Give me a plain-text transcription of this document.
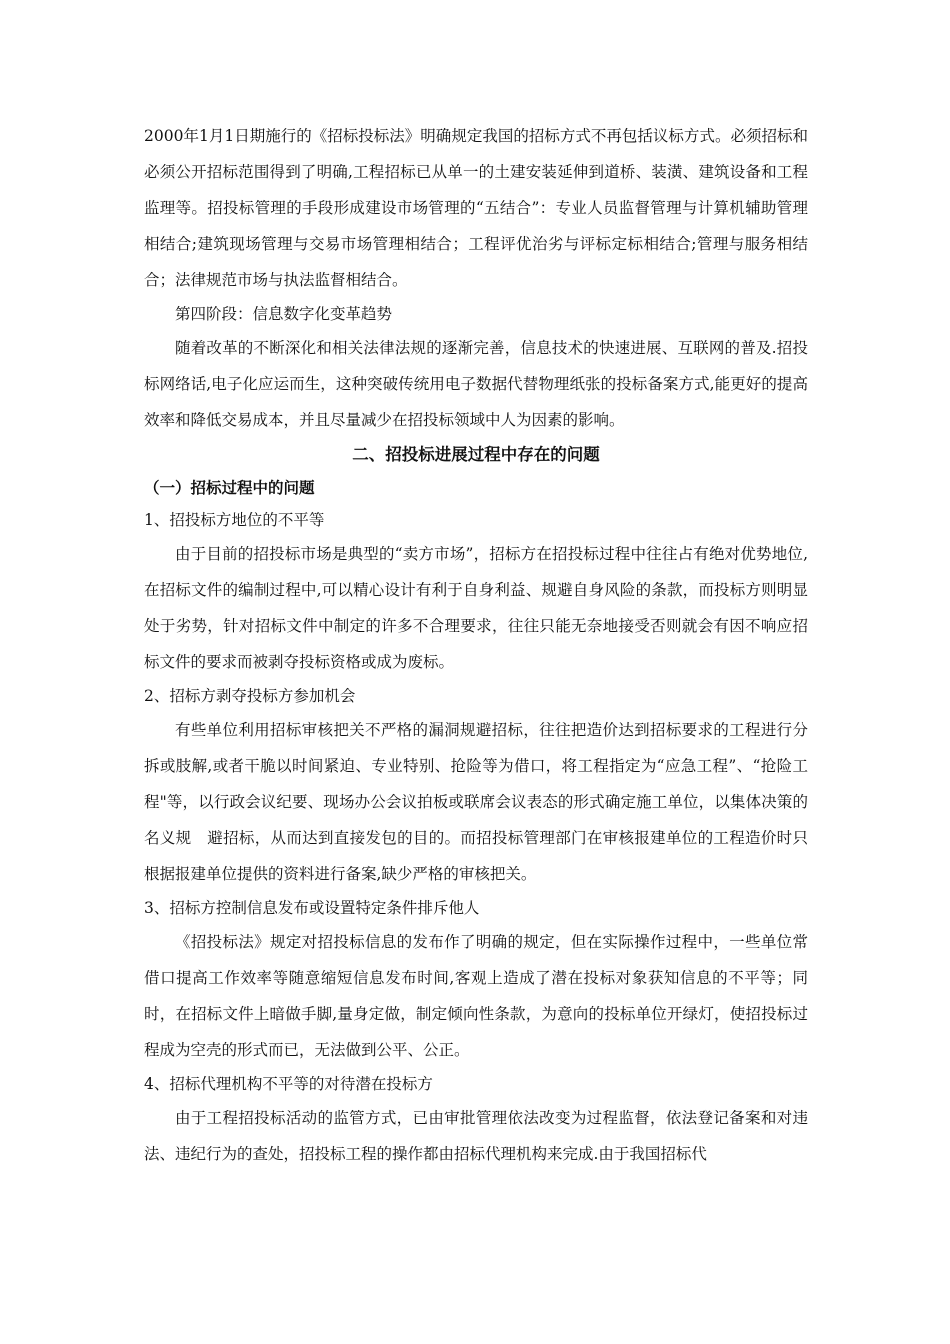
2000年1月1日期施行的《招标投标法》明确规定我国的招标方式不再包括议标方式。必须招标和必须公开招标范围得到了明确,工程招标已从单一的土建安装延伸到道桥、装潢、建筑设备和工程监理等。招投标管理的手段形成建设市场管理的“五结合”：专业人员监督管理与计算机辅助管理相结合;建筑现场管理与交易市场管理相结合；工程评优治劣与评标定标相结合;管理与服务相结合；法律规范市场与执法监督相结合。

第四阶段：信息数字化变革趋势

随着改革的不断深化和相关法律法规的逐渐完善，信息技术的快速进展、互联网的普及.招投标网络话,电子化应运而生，这种突破传统用电子数据代替物理纸张的投标备案方式,能更好的提高效率和降低交易成本，并且尽量减少在招投标领域中人为因素的影响。

二、招投标进展过程中存在的问题

（一）招标过程中的问题

1、招投标方地位的不平等

由于目前的招投标市场是典型的“卖方市场”，招标方在招投标过程中往往占有绝对优势地位,在招标文件的编制过程中,可以精心设计有利于自身利益、规避自身风险的条款，而投标方则明显处于劣势，针对招标文件中制定的许多不合理要求，往往只能无奈地接受否则就会有因不响应招标文件的要求而被剥夺投标资格或成为废标。

2、招标方剥夺投标方参加机会

有些单位利用招标审核把关不严格的漏洞规避招标，往往把造价达到招标要求的工程进行分拆或肢解,或者干脆以时间紧迫、专业特别、抢险等为借口，将工程指定为“应急工程”、“抢险工程"等，以行政会议纪要、现场办公会议拍板或联席会议表态的形式确定施工单位，以集体决策的名义规　避招标，从而达到直接发包的目的。而招投标管理部门在审核报建单位的工程造价时只根据报建单位提供的资料进行备案,缺少严格的审核把关。

3、招标方控制信息发布或设置特定条件排斥他人

《招投标法》规定对招投标信息的发布作了明确的规定，但在实际操作过程中，一些单位常借口提高工作效率等随意缩短信息发布时间,客观上造成了潜在投标对象获知信息的不平等；同时，在招标文件上暗做手脚,量身定做，制定倾向性条款，为意向的投标单位开绿灯，使招投标过程成为空壳的形式而已，无法做到公平、公正。

4、招标代理机构不平等的对待潜在投标方

由于工程招投标活动的监管方式，已由审批管理依法改变为过程监督，依法登记备案和对违法、违纪行为的查处，招投标工程的操作都由招标代理机构来完成.由于我国招标代
